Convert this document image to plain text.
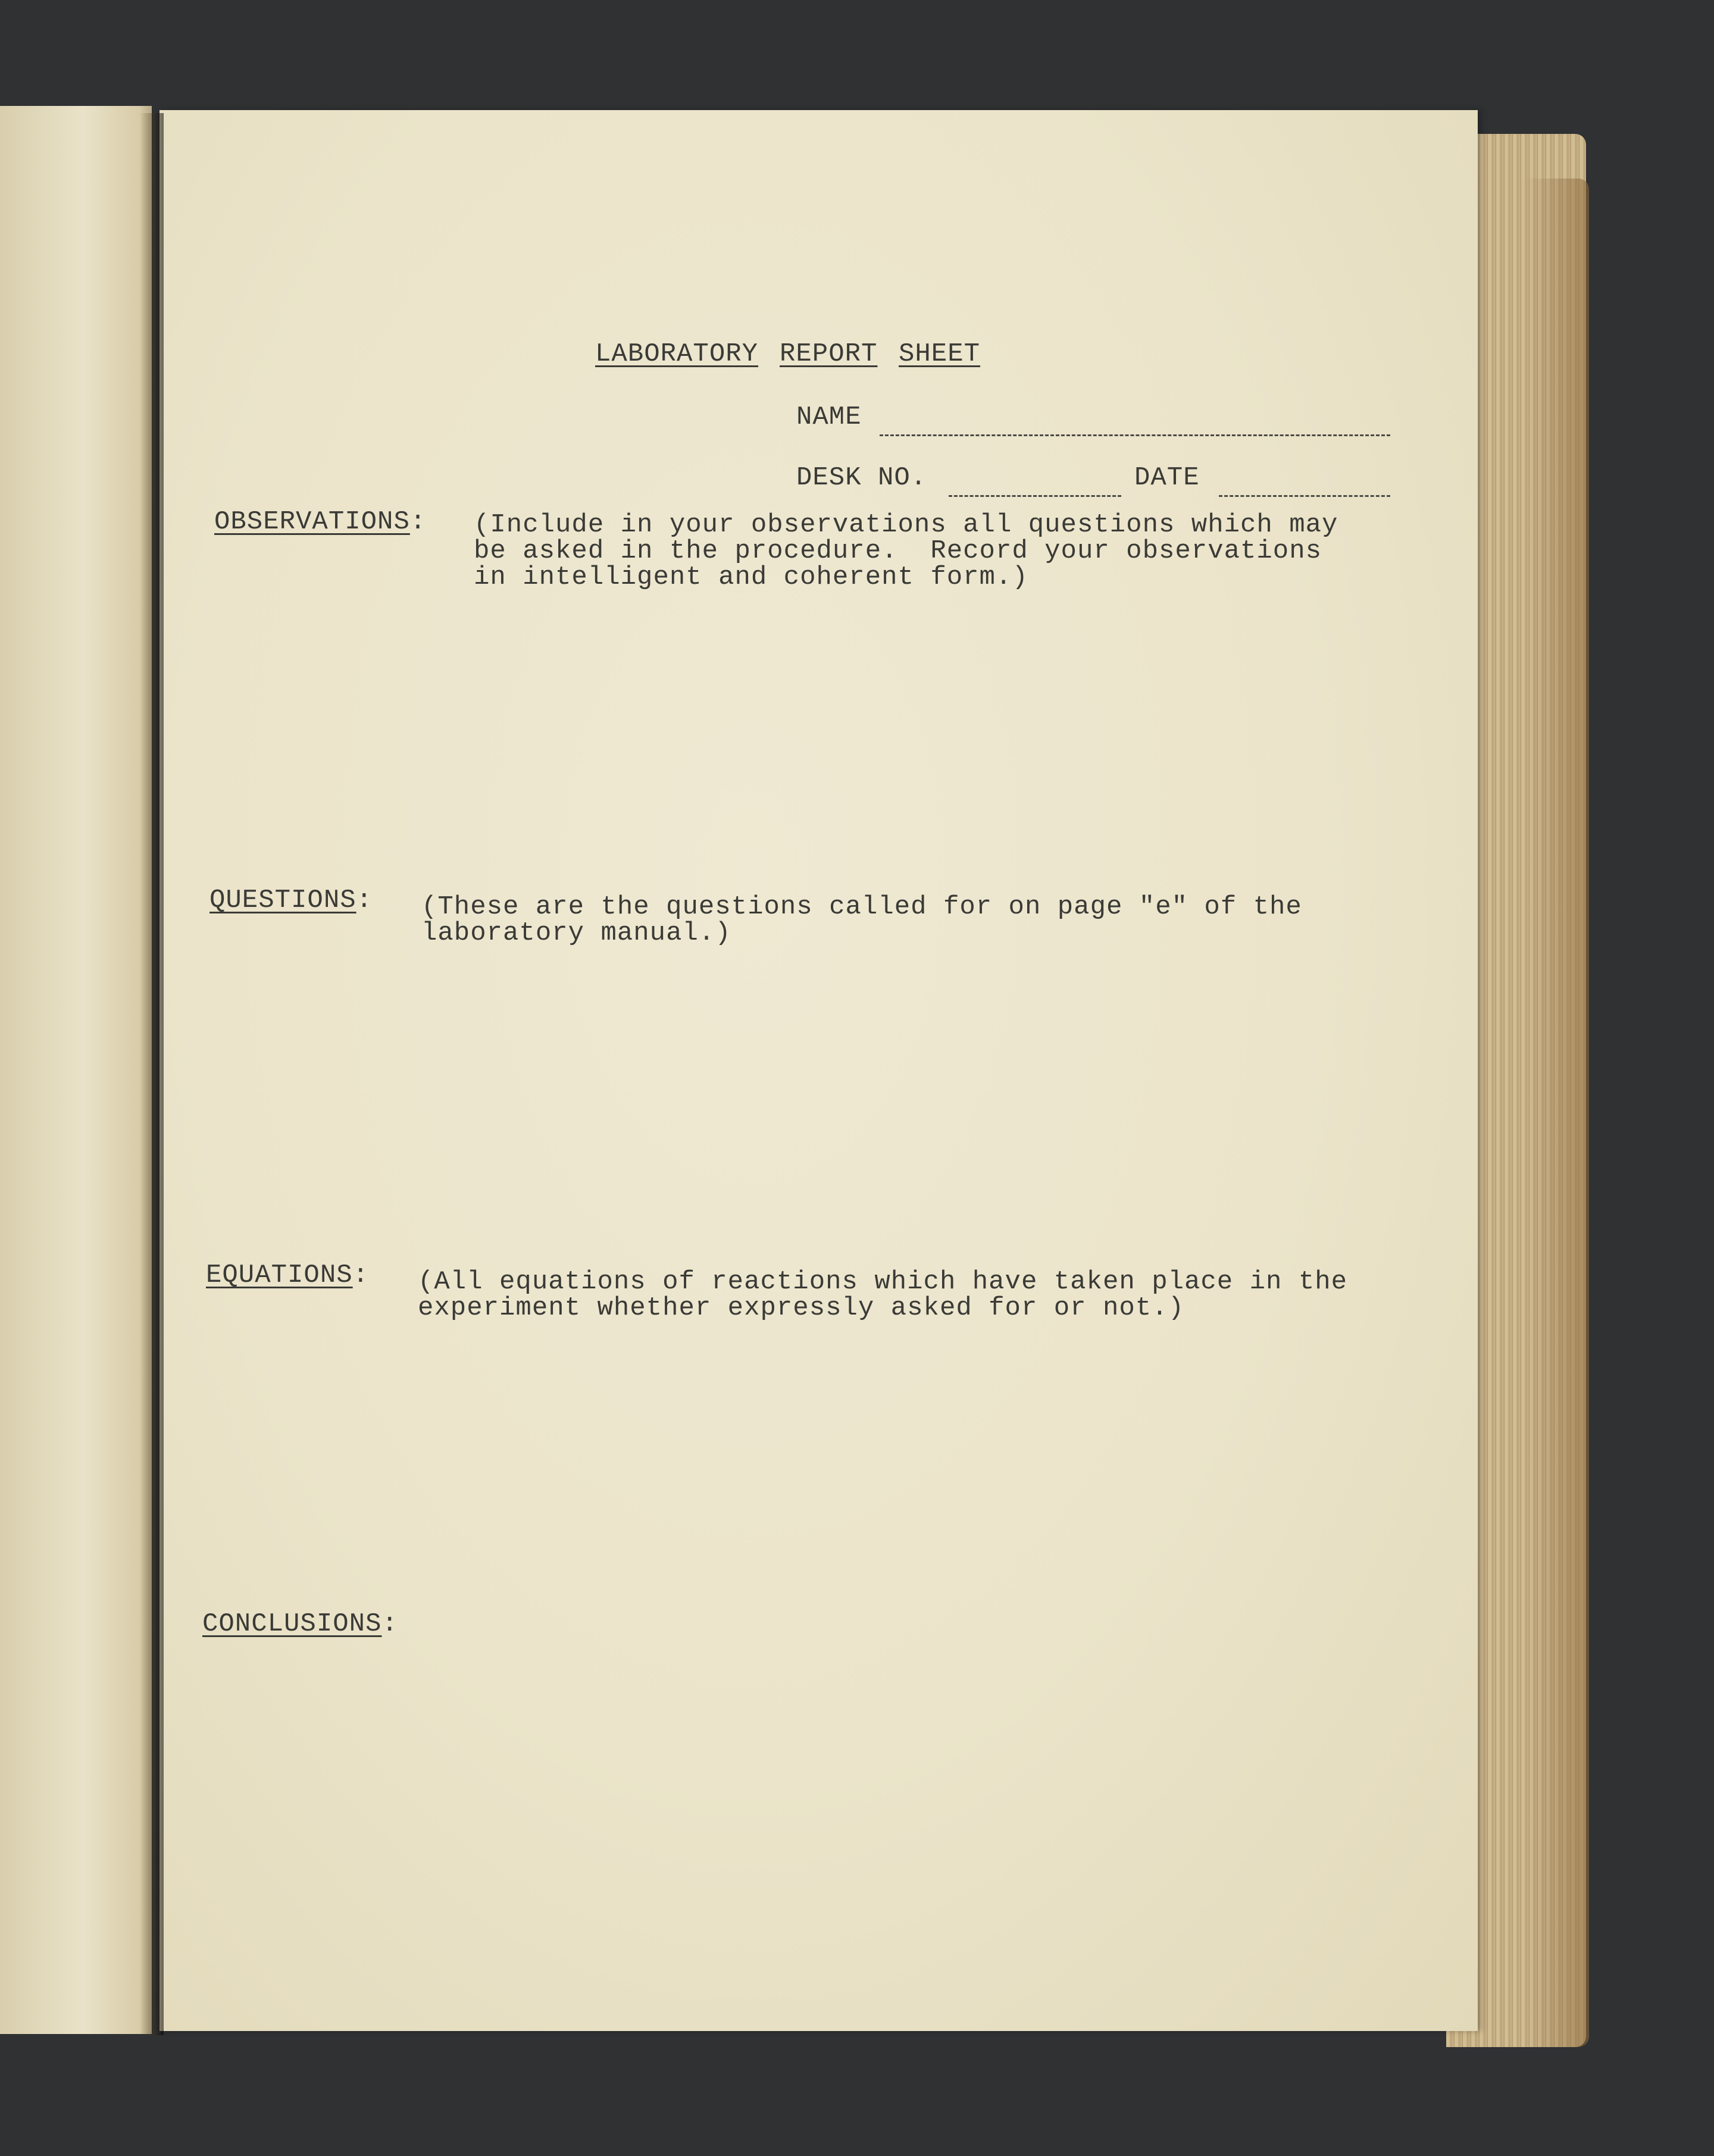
LABORATORY REPORT SHEET
NAME
DESK NO.	DATE
OBSERVATIONS: (Include in your observations all questions which may
be asked in the procedure.  Record your observations
in intelligent and coherent form.)
QUESTIONS: (These are the questions called for on page "e" of the
laboratory manual.)
EQUATIONS: (All equations of reactions which have taken place in the
experiment whether expressly asked for or not.)
CONCLUSIONS:
